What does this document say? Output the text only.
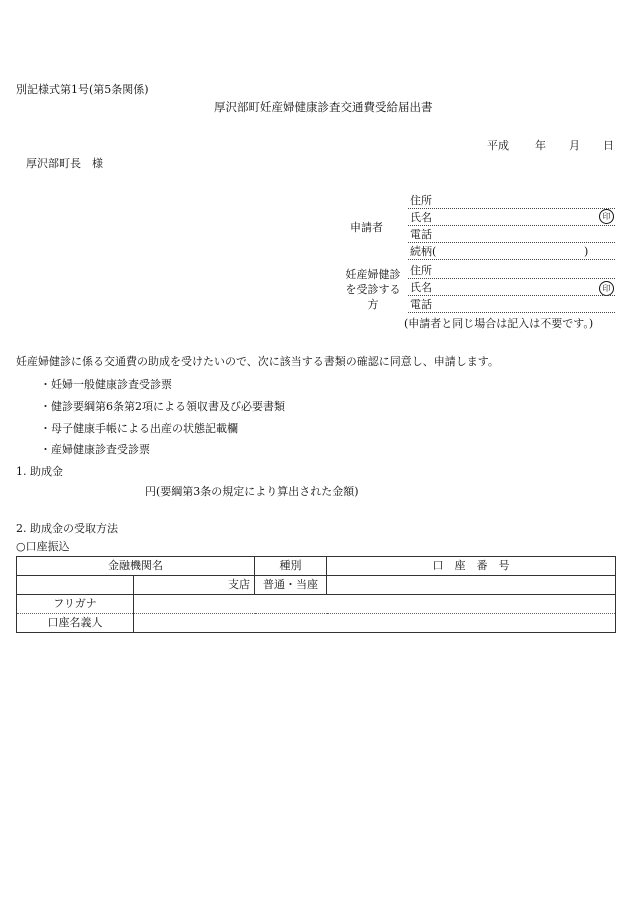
別記様式第1号(第5条関係)
厚沢部町妊産婦健康診査交通費受給届出書
平成 年 月 日
厚沢部町長　様
申請者
住所
氏名	印
電話
続柄(	)
妊産婦健診
を受診する
方
住所
氏名	印
電話
(申請者と同じ場合は記入は不要です。)
妊産婦健診に係る交通費の助成を受けたいので、次に該当する書類の確認に同意し、申請します。
・妊婦一般健康診査受診票
・健診要綱第6条第2項による領収書及び必要書類
・母子健康手帳による出産の状態記載欄
・産婦健康診査受診票
1. 助成金
円(要綱第3条の規定により算出された金額)
2. 助成金の受取方法
○口座振込
金融機関名		種別	口　座　番　号
	支店	普通・当座	
フリガナ			
口座名義人			
